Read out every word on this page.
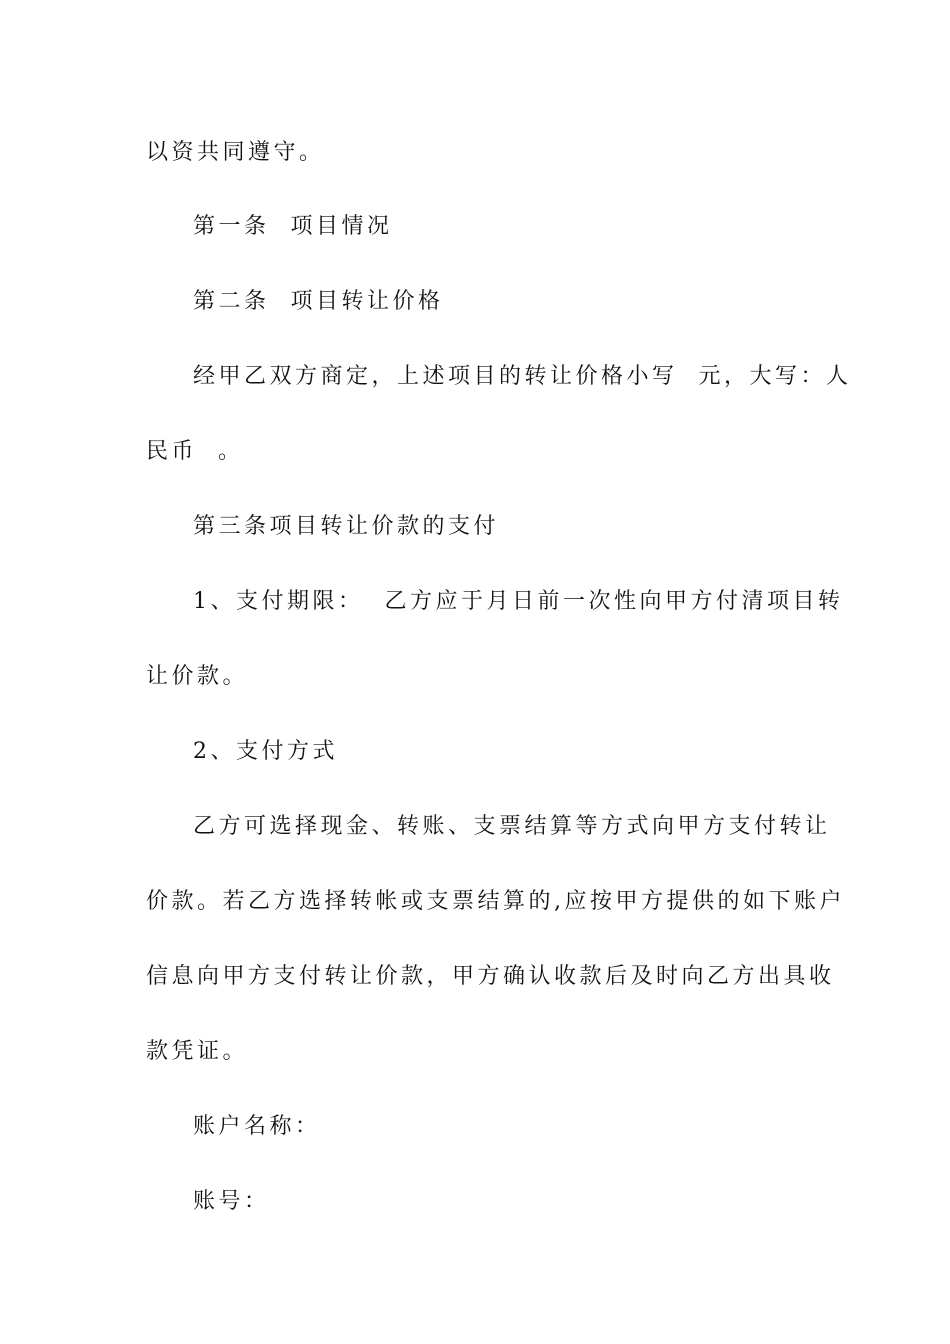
以资共同遵守。

第一条  项目情况

第二条  项目转让价格

经甲乙双方商定，上述项目的转让价格小写  元，大写：人

民币  。

第三条项目转让价款的支付

1、支付期限：  乙方应于月日前一次性向甲方付清项目转

让价款。

2、支付方式

乙方可选择现金、转账、支票结算等方式向甲方支付转让

价款。若乙方选择转帐或支票结算的,应按甲方提供的如下账户

信息向甲方支付转让价款，甲方确认收款后及时向乙方出具收

款凭证。

账户名称：

账号：
